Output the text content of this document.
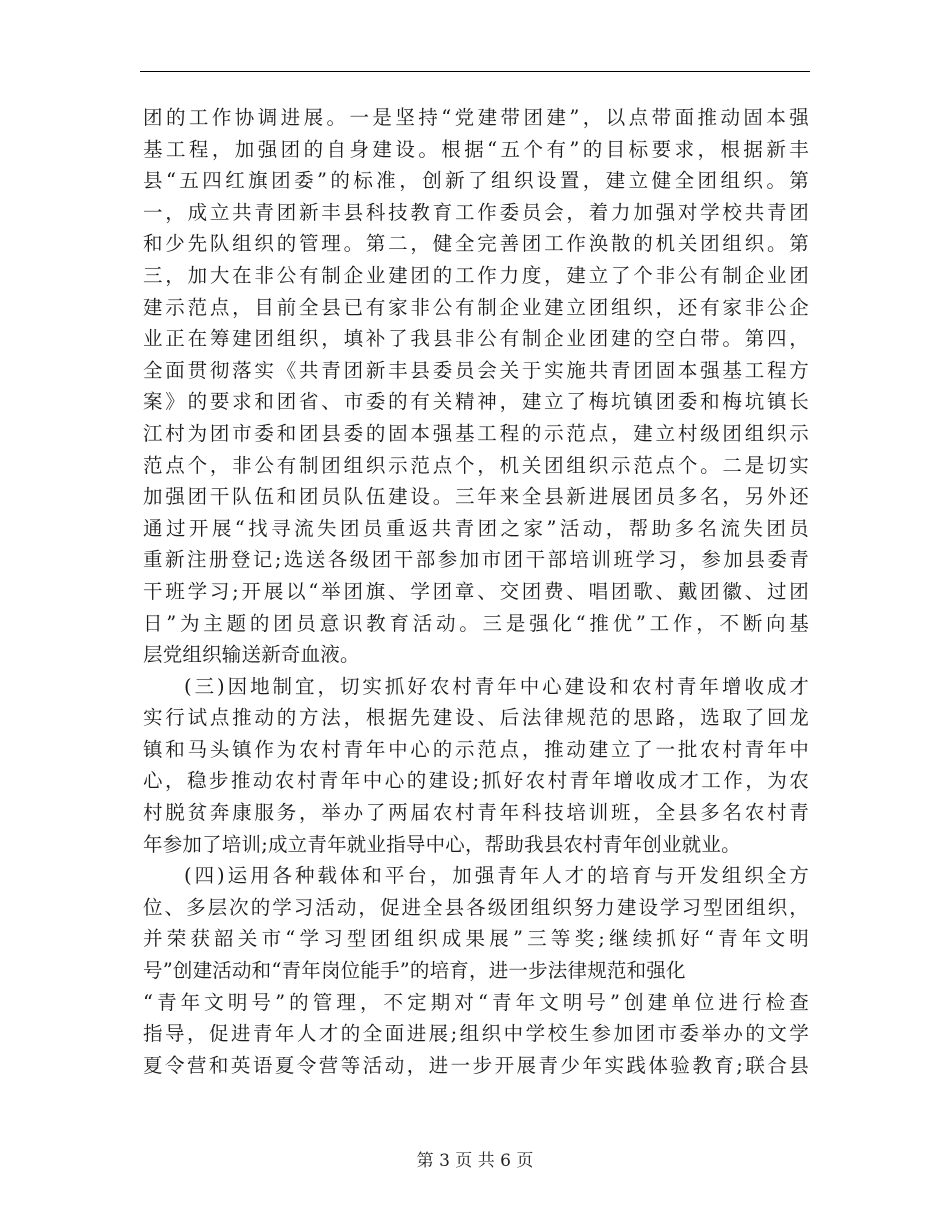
团的工作协调进展。一是坚持“党建带团建”，以点带面推动固本强
基工程，加强团的自身建设。根据“五个有”的目标要求，根据新丰
县“五四红旗团委”的标准，创新了组织设置，建立健全团组织。第
一，成立共青团新丰县科技教育工作委员会，着力加强对学校共青团
和少先队组织的管理。第二，健全完善团工作涣散的机关团组织。第
三，加大在非公有制企业建团的工作力度，建立了个非公有制企业团
建示范点，目前全县已有家非公有制企业建立团组织，还有家非公企
业正在筹建团组织，填补了我县非公有制企业团建的空白带。第四，
全面贯彻落实《共青团新丰县委员会关于实施共青团固本强基工程方
案》的要求和团省、市委的有关精神，建立了梅坑镇团委和梅坑镇长
江村为团市委和团县委的固本强基工程的示范点，建立村级团组织示
范点个，非公有制团组织示范点个，机关团组织示范点个。二是切实
加强团干队伍和团员队伍建设。三年来全县新进展团员多名，另外还
通过开展“找寻流失团员重返共青团之家”活动，帮助多名流失团员
重新注册登记;选送各级团干部参加市团干部培训班学习，参加县委青
干班学习;开展以“举团旗、学团章、交团费、唱团歌、戴团徽、过团
日”为主题的团员意识教育活动。三是强化“推优”工作，不断向基
层党组织输送新奇血液。
(三)因地制宜，切实抓好农村青年中心建设和农村青年增收成才
实行试点推动的方法，根据先建设、后法律规范的思路，选取了回龙
镇和马头镇作为农村青年中心的示范点，推动建立了一批农村青年中
心，稳步推动农村青年中心的建设;抓好农村青年增收成才工作，为农
村脱贫奔康服务，举办了两届农村青年科技培训班，全县多名农村青
年参加了培训;成立青年就业指导中心，帮助我县农村青年创业就业。
(四)运用各种载体和平台，加强青年人才的培育与开发组织全方
位、多层次的学习活动，促进全县各级团组织努力建设学习型团组织，
并荣获韶关市“学习型团组织成果展”三等奖;继续抓好“青年文明
号”创建活动和“青年岗位能手”的培育，进一步法律规范和强化
“青年文明号”的管理，不定期对“青年文明号”创建单位进行检查
指导，促进青年人才的全面进展;组织中学校生参加团市委举办的文学
夏令营和英语夏令营等活动，进一步开展青少年实践体验教育;联合县
第 3 页 共 6 页
